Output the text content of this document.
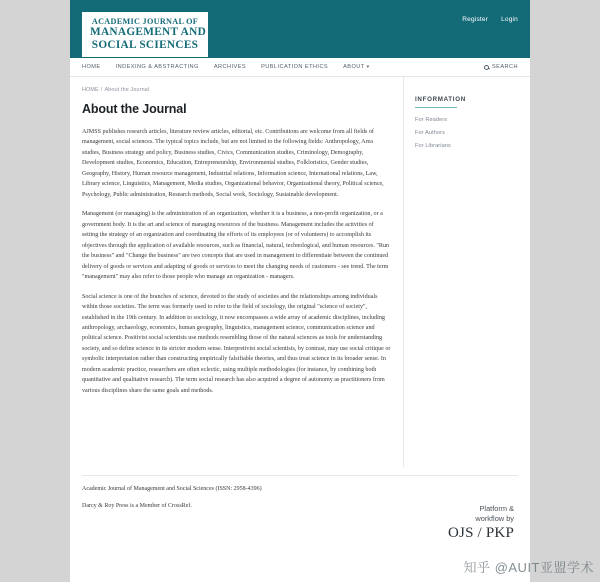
ACADEMIC JOURNAL OF
MANAGEMENT AND
SOCIAL SCIENCES
Register Login
HOME	INDEXING & ABSTRACTING	ARCHIVES	PUBLICATION ETHICS	ABOUT ▾	SEARCH
HOME / About the Journal
About the Journal

AJMSS publishes research articles, literature review articles, editorial, etc. Contributions are welcome from all fields of management, social sciences. The typical topics include, but are not limited to the following fields: Anthropology, Area studies, Business strategy and policy, Business studies, Civics, Communication studies, Criminology, Demography, Development studies, Economics, Education, Entrepreneurship, Environmental studies, Folkloristics, Gender studies, Geography, History, Human resource management, Industrial relations, Information science, International relations, Law, Library science, Linguistics, Management, Media studies, Organizational behavior, Organizational theory, Political science, Psychology, Public administration, Research methods, Social work, Sociology, Sustainable development.

Management (or managing) is the administration of an organization, whether it is a business, a non-profit organization, or a government body. It is the art and science of managing resources of the business. Management includes the activities of setting the strategy of an organization and coordinating the efforts of its employees (or of volunteers) to accomplish its objectives through the application of available resources, such as financial, natural, technological, and human resources. "Run the business" and "Change the business" are two concepts that are used in management to differentiate between the continued delivery of goods or services and adapting of goods or services to meet the changing needs of customers - see trend. The term "management" may also refer to those people who manage an organization - managers.

Social science is one of the branches of science, devoted to the study of societies and the relationships among individuals within those societies. The term was formerly used to refer to the field of sociology, the original "science of society", established in the 19th century. In addition to sociology, it now encompasses a wide array of academic disciplines, including anthropology, archaeology, economics, human geography, linguistics, management science, communication science and political science. Positivist social scientists use methods resembling those of the natural sciences as tools for understanding society, and so define science in its stricter modern sense. Interpretivist social scientists, by contrast, may use social critique or symbolic interpretation rather than constructing empirically falsifiable theories, and thus treat science in its broader sense. In modern academic practice, researchers are often eclectic, using multiple methodologies (for instance, by combining both quantitative and qualitative research). The term social research has also acquired a degree of autonomy as practitioners from various disciplines share the same goals and methods.

INFORMATION
For Readers
For Authors
For Librarians

Academic Journal of Management and Social Sciences (ISSN: 2958-4396)

Darcy & Roy Press is a Member of CrossRef.	Platform &
workflow by
OJS / PKP
知乎 @AUIT亚盟学术
